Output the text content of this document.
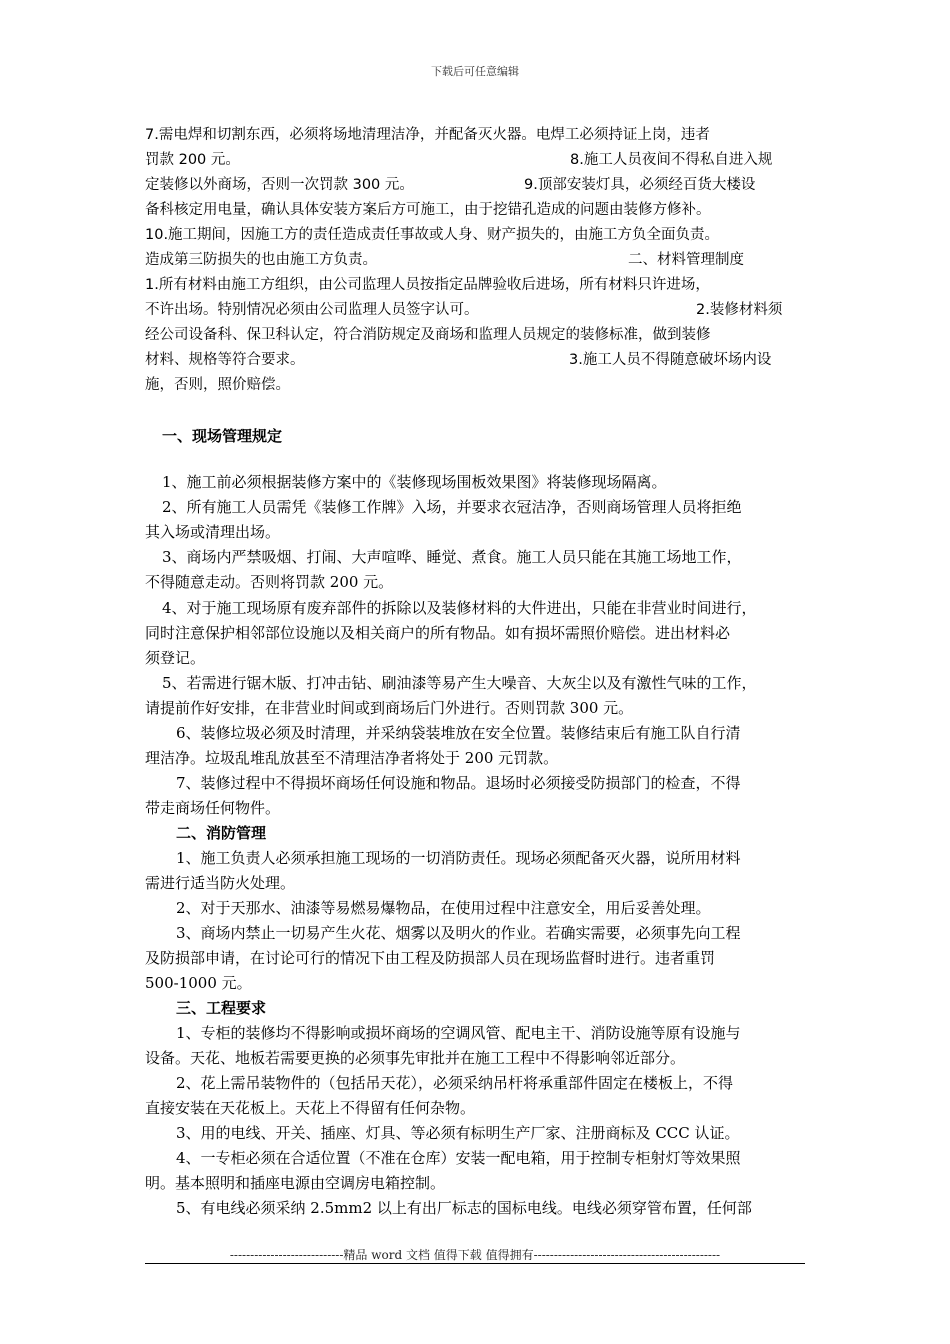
下载后可任意编辑
7.需电焊和切割东西，必须将场地清理洁净，并配备灭火器。电焊工必须持证上岗，违者
罚款 200 元。	8.施工人员夜间不得私自进入规
定装修以外商场，否则一次罚款 300 元。	9.顶部安装灯具，必须经百货大楼设
备科核定用电量，确认具体安装方案后方可施工，由于挖错孔造成的问题由装修方修补。
10.施工期间，因施工方的责任造成责任事故或人身、财产损失的，由施工方负全面负责。
造成第三防损失的也由施工方负责。	二、材料管理制度
1.所有材料由施工方组织，由公司监理人员按指定品牌验收后进场，所有材料只许进场，
不许出场。特别情况必须由公司监理人员签字认可。	2.装修材料须
经公司设备科、保卫科认定，符合消防规定及商场和监理人员规定的装修标准，做到装修
材料、规格等符合要求。	3.施工人员不得随意破坏场内设
施，否则，照价赔偿。
一、现场管理规定
1、施工前必须根据装修方案中的《装修现场围板效果图》将装修现场隔离。
2、所有施工人员需凭《装修工作牌》入场，并要求衣冠洁净，否则商场管理人员将拒绝
其入场或清理出场。
3、商场内严禁吸烟、打闹、大声喧哗、睡觉、煮食。施工人员只能在其施工场地工作，
不得随意走动。否则将罚款 200 元。
4、对于施工现场原有废弃部件的拆除以及装修材料的大件进出，只能在非营业时间进行，
同时注意保护相邻部位设施以及相关商户的所有物品。如有损坏需照价赔偿。进出材料必
须登记。
5、若需进行锯木版、打冲击钻、刷油漆等易产生大噪音、大灰尘以及有激性气味的工作，
请提前作好安排，在非营业时间或到商场后门外进行。否则罚款 300 元。
6、装修垃圾必须及时清理，并采纳袋装堆放在安全位置。装修结束后有施工队自行清
理洁净。垃圾乱堆乱放甚至不清理洁净者将处于 200 元罚款。
7、装修过程中不得损坏商场任何设施和物品。退场时必须接受防损部门的检查，不得
带走商场任何物件。
二、消防管理
1、施工负责人必须承担施工现场的一切消防责任。现场必须配备灭火器，说所用材料
需进行适当防火处理。
2、对于天那水、油漆等易燃易爆物品，在使用过程中注意安全，用后妥善处理。
3、商场内禁止一切易产生火花、烟雾以及明火的作业。若确实需要，必须事先向工程
及防损部申请，在讨论可行的情况下由工程及防损部人员在现场监督时进行。违者重罚
500-1000 元。
三、工程要求
1、专柜的装修均不得影响或损坏商场的空调风管、配电主干、消防设施等原有设施与
设备。天花、地板若需要更换的必须事先审批并在施工工程中不得影响邻近部分。
2、花上需吊装物件的（包括吊天花），必须采纳吊杆将承重部件固定在楼板上，不得
直接安装在天花板上。天花上不得留有任何杂物。
3、用的电线、开关、插座、灯具、等必须有标明生产厂家、注册商标及 CCC 认证。
4、一专柜必须在合适位置（不准在仓库）安装一配电箱，用于控制专柜射灯等效果照
明。基本照明和插座电源由空调房电箱控制。
5、有电线必须采纳 2.5mm2 以上有出厂标志的国标电线。电线必须穿管布置，任何部
----------------------------精品 word 文档 值得下载 值得拥有----------------------------------------------
